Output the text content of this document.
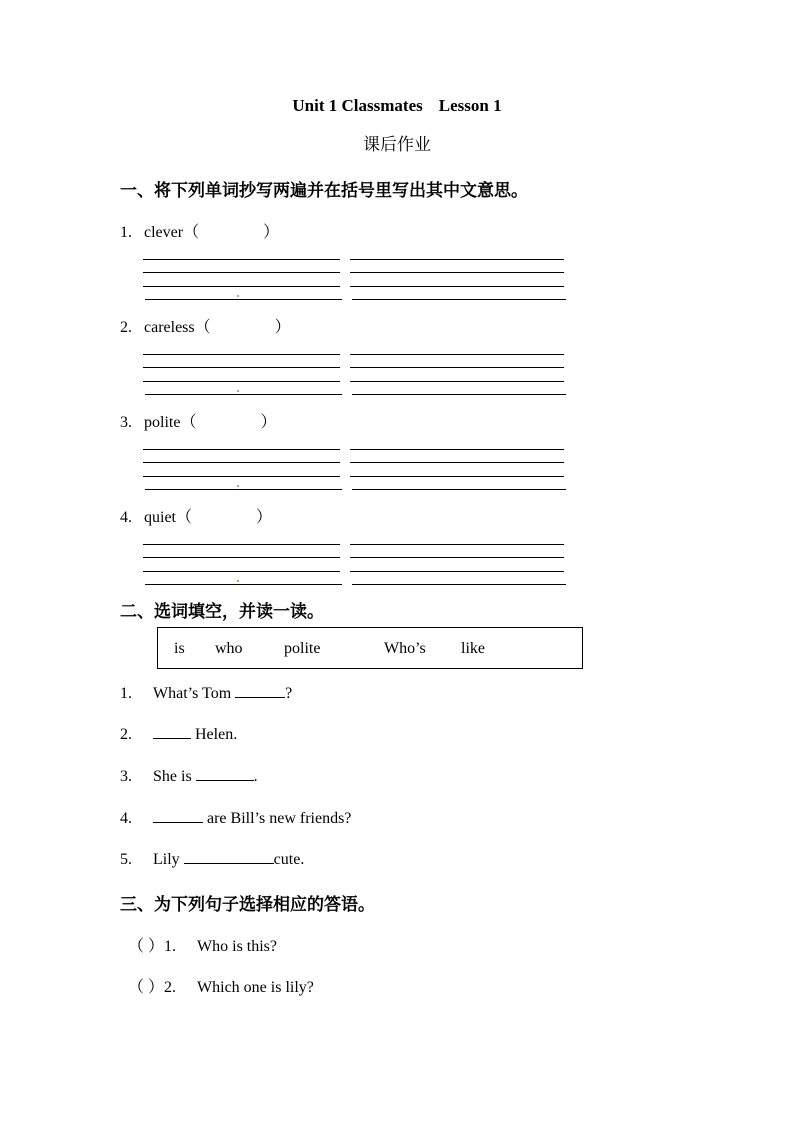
Unit 1 Classmates Lesson 1
课后作业
一、将下列单词抄写两遍并在括号里写出其中文意思。
1. clever（	）
2. careless（	）
3. polite（	）
4. quiet（	）
二、选词填空，并读一读。
is who	polite	Who’s like
1. What’s Tom	?
2.	Helen.
3. She is	.
4.	are Bill’s new friends?
5. Lily	cute.
三、为下列句子选择相应的答语。
（ ）1. Who is this?
（ ）2. Which one is lily?
